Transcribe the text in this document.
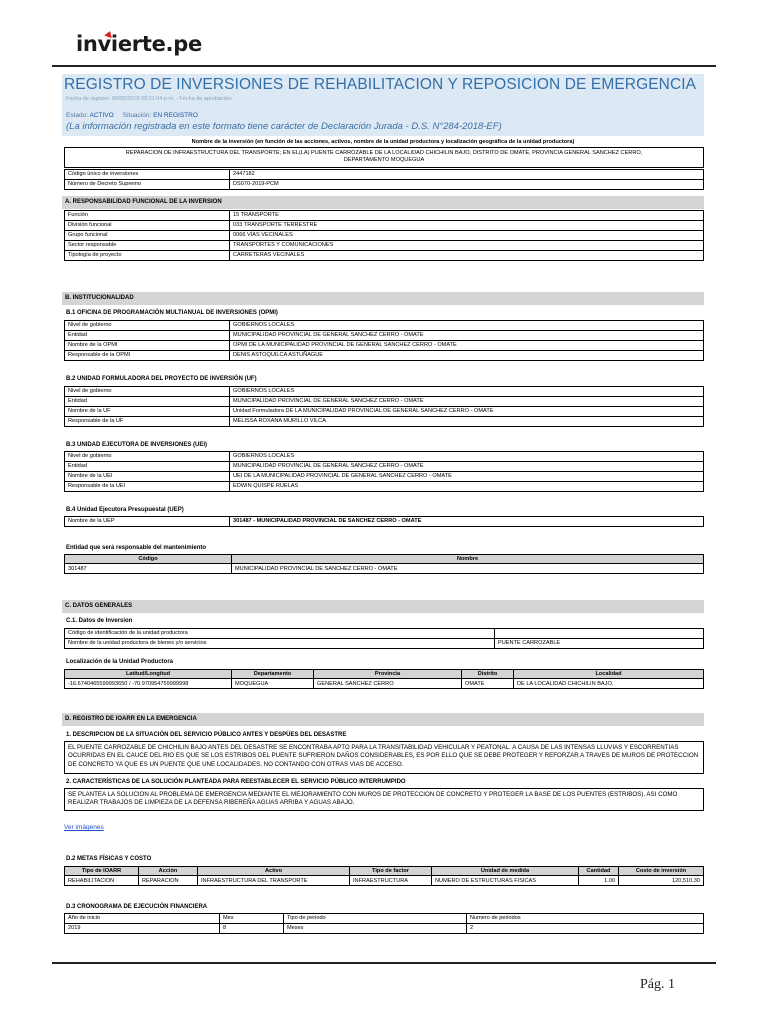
invierte.pe
REGISTRO DE INVERSIONES DE REHABILITACION Y REPOSICION DE EMERGENCIA
Fecha de registro: 09/05/2019 09:21:04 p.m. - Fecha de aprobación:
Estado: ACTIVO Situación: EN REGISTRO
(La información registrada en este formato tiene carácter de Declaración Jurada - D.S. N°284-2018-EF)
Nombre de la inversión (en función de las acciones, activos, nombre de la unidad productora y localización geográfica de la unidad productora)
REPARACION DE INFRAESTRUCTURA DEL TRANSPORTE; EN EL(LA) PUENTE CARROZABLE DE LA LOCALIDAD CHICHILIN BAJO, DISTRITO DE OMATE, PROVINCIA GENERAL SANCHEZ CERRO, DEPARTAMENTO MOQUEGUA
Código único de inversiones	2447182
Número de Decreto Supremo	DS070-2019-PCM
A. RESPONSABILIDAD FUNCIONAL DE LA INVERSION
Función	15 TRANSPORTE
División funcional	033 TRANSPORTE TERRESTRE
Grupo funcional	0066 VÍAS VECINALES
Sector responsable	TRANSPORTES Y COMUNICACIONES
Tipología de proyecto	CARRETERAS VECINALES
B. INSTITUCIONALIDAD
B.1 OFICINA DE PROGRAMACIÓN MULTIANUAL DE INVERSIONES (OPMI)
Nivel de gobierno	GOBIERNOS LOCALES
Entidad	MUNICIPALIDAD PROVINCIAL DE GENERAL SANCHEZ CERRO - OMATE
Nombre de la OPMI	OPMI DE LA MUNICIPALIDAD PROVINCIAL DE GENERAL SANCHEZ CERRO - OMATE
Responsable de la OPMI	DENIS ASTOQUILCA ASTUÑAGUE
B.2 UNIDAD FORMULADORA DEL PROYECTO DE INVERSIÓN (UF)
Nivel de gobierno	GOBIERNOS LOCALES
Entidad	MUNICIPALIDAD PROVINCIAL DE GENERAL SANCHEZ CERRO - OMATE
Nombre de la UF	Unidad Formuladora DE LA MUNICIPALIDAD PROVINCIAL DE GENERAL SANCHEZ CERRO - OMATE
Responsable de la UF	MELISSA ROXANA MURILLO VILCA
B.3 UNIDAD EJECUTORA DE INVERSIONES (UEI)
Nivel de gobierno	GOBIERNOS LOCALES
Entidad	MUNICIPALIDAD PROVINCIAL DE GENERAL SANCHEZ CERRO - OMATE
Nombre de la UEI	UEI DE LA MUNICIPALIDAD PROVINCIAL DE GENERAL SANCHEZ CERRO - OMATE
Responsable de la UEI	EDWIN QUISPE RUELAS
B.4 Unidad Ejecutora Presupuestal (UEP)
Nombre de la UEP	301487 - MUNICIPALIDAD PROVINCIAL DE SANCHEZ CERRO - OMATE
Entidad que será responsable del mantenimiento
Código	Nombre
301487	MUNICIPALIDAD PROVINCIAL DE SANCHEZ CERRO - OMATE
C. DATOS GENERALES
C.1. Datos de Inversion
Código de identificación de la unidad productora	
Nombre de la unidad productora de bienes y/o servicios	PUENTE CARROZABLE
Localización de la Unidad Productora
Latitud/Longitud	Departamento	Provincia	Distrito	Localidad
-16.6740465599993650 / -70.970954759999998	MOQUEGUA	GENERAL SANCHEZ CERRO	OMATE	DE LA LOCALIDAD CHICHILIN BAJO,
D. REGISTRO DE IOARR EN LA EMERGENCIA
1. DESCRIPCION DE LA SITUACIÓN DEL SERVICIO PÚBLICO ANTES Y DESPÜES DEL DESASTRE
EL PUENTE CARROZABLE DE CHICHILIN BAJO ANTES DEL DESASTRE SE ENCONTRABA APTO PARA LA TRANSITABILIDAD VEHICULAR Y PEATONAL. A CAUSA DE LAS INTENSAS LLUVIAS Y ESCORRENTIAS OCURRIDAS EN EL CAUCE DEL RIO ES QUE SE LOS ESTRIBOS DEL PUENTE SUFRIERON DAÑOS CONSIDERABLES, ES POR ELLO QUE SE DEBE PROTEGER Y REFORZAR A TRAVES DE MUROS DE PROTECCION DE CONCRETO YA QUE ES UN PUENTE QUE UNE LOCALIDADES, NO CONTANDO CON OTRAS VIAS DE ACCESO.
2. CARACTERÍSTICAS DE LA SOLUCIÓN PLANTEADA PARA REESTABLECER EL SERVICIO PÚBLICO INTERRUMPIDO
SE PLANTEA LA SOLUCION AL PROBLEMA DE EMERGENCIA MEDIANTE EL MEJORAMIENTO CON MUROS DE PROTECCION DE CONCRETO Y PROTEGER LA BASE DE LOS PUENTES (ESTRIBOS). ASI COMO REALIZAR TRABAJOS DE LIMPIEZA DE LA DEFENSA RIBEREÑA AGUAS ARRIBA Y AGUAS ABAJO.
Ver imágenes
D.2 METAS FÍSICAS Y COSTO
Tipo de IOARR	Acción	Activo	Tipo de factor	Unidad de medida	Cantidad	Costo de inversión
REHABILITACION	REPARACION	INFRAESTRUCTURA DEL TRANSPORTE	INFRAESTRUCTURA	NUMERO DE ESTRUCTURAS FISICAS	1.00	120,510.30
D.3 CRONOGRAMA DE EJECUCIÓN FINANCIERA
Año de inicio	Mes	Tipo de periodo	Numero de periodos
2019	8	Meses	2
Pág. 1
